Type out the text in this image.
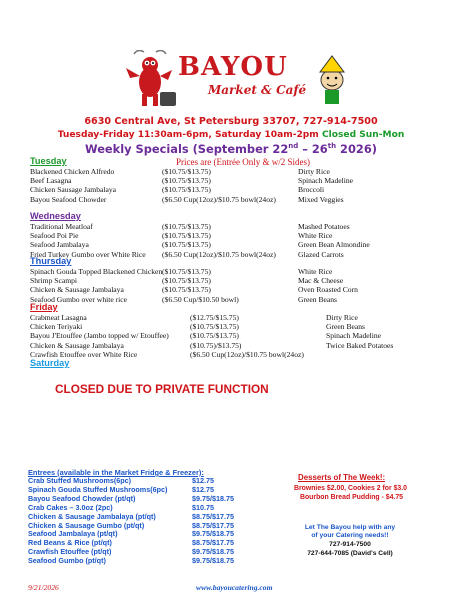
BAYOU
Market & Café
6630 Central Ave, St Petersburg 33707, 727-914-7500
Tuesday-Friday 11:30am-6pm, Saturday 10am-2pm Closed Sun-Mon
Weekly Specials (September 22nd – 26th 2026)
Prices are (Entrée Only & w/2 Sides)
Tuesday
Blackened Chicken Alfredo	($10.75/$13.75)	Dirty Rice
Beef Lasagna	($10.75/$13.75)	Spinach Madeline
Chicken Sausage Jambalaya	($10.75/$13.75)	Broccoli
Bayou Seafood Chowder	($6.50 Cup(12oz)/$10.75 bowl(24oz)	Mixed Veggies
Wednesday
Traditional Meatloaf	($10.75/$13.75)	Mashed Potatoes
Seafood Poi Pie	($10.75/$13.75)	White Rice
Seafood Jambalaya	($10.75/$13.75)	Green Bean Almondine
Fried Turkey Gumbo over White Rice ($6.50 Cup(12oz)/$10.75 bowl(24oz)	Glazed Carrots
Thursday
Spinach Gouda Topped Blackened Chicken ($10.75/$13.75)	White Rice
Shrimp Scampi	($10.75/$13.75)	Mac & Cheese
Chicken & Sausage Jambalaya	($10.75/$13.75)	Oven Roasted Corn
Seafood Gumbo over white rice	($6.50 Cup/$10.50 bowl)	Green Beans
Friday
Crabmeat Lasagna	($12.75/$15.75)	Dirty Rice
Chicken Teriyaki	($10.75/$13.75)	Green Beans
Bayou J'Etouffee (Jambo topped w/ Etouffee)	($10.75/$13.75)	Spinach Madeline
Chicken & Sausage Jambalaya	($10.75)/$13.75)	Twice Baked Potatoes
Crawfish Etouffee over White Rice	($6.50 Cup(12oz)/$10.75 bowl(24oz)
Saturday
CLOSED DUE TO PRIVATE FUNCTION
Entrees (available in the Market Fridge & Freezer):
Crab Stuffed Mushrooms(6pc)	$12.75
Spinach Gouda Stuffed Mushrooms(6pc)	$12.75
Bayou Seafood Chowder (pt/qt)	$9.75/$18.75
Crab Cakes – 3.0oz (2pc)	$10.75
Chicken & Sausage Jambalaya (pt/qt)	$8.75/$17.75
Chicken & Sausage Gumbo (pt/qt)	$8.75/$17.75
Seafood Jambalaya (pt/qt)	$9.75/$18.75
Red Beans & Rice (pt/qt)	$8.75/$17.75
Crawfish Etouffee (pt/qt)	$9.75/$18.75
Seafood Gumbo (pt/qt)	$9.75/$18.75
Desserts of The Week!:
Brownies $2.00, Cookies 2 for $3.0
Bourbon Bread Pudding - $4.75
Let The Bayou help with any
of your Catering needs!!
727-914-7500
727-644-7085 (David's Cell)
9/21/2026	www.bayoucatering.com
